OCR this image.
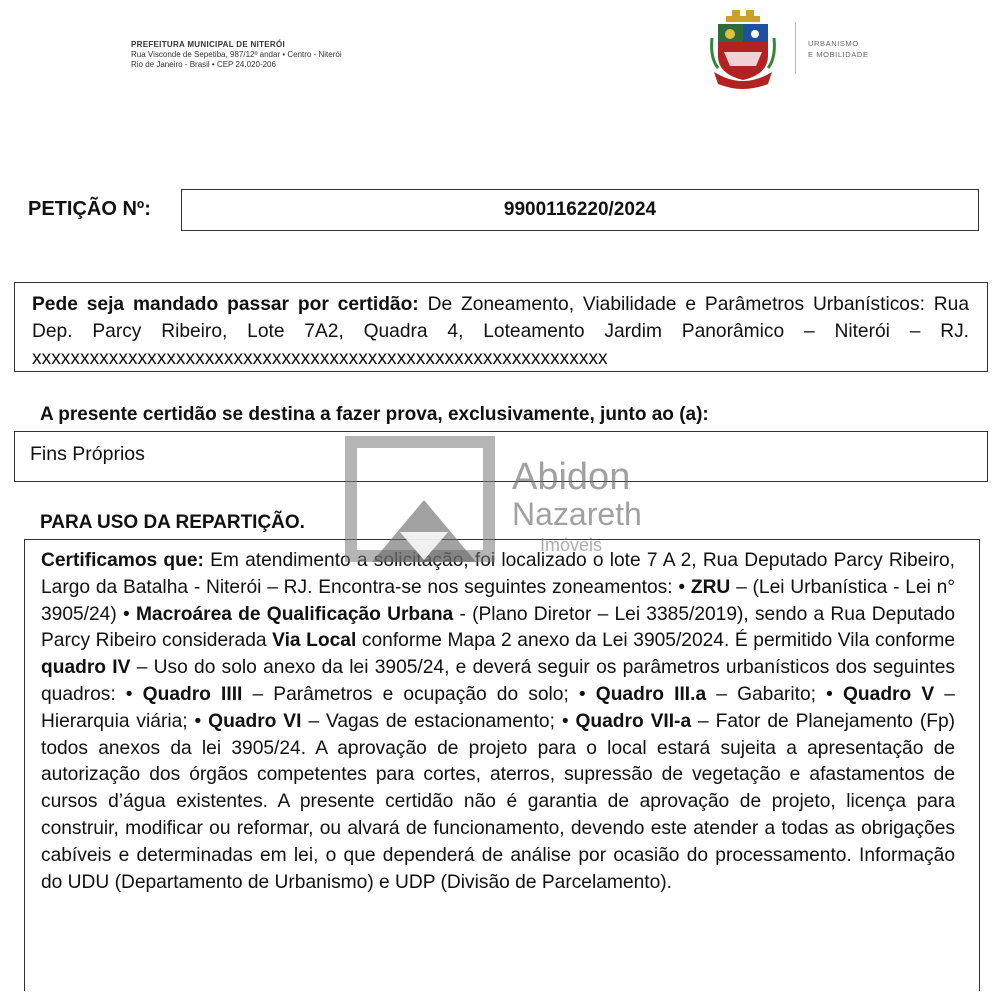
PREFEITURA MUNICIPAL DE NITERÓI
Rua Visconde de Sepetiba, 987/12º andar • Centro - Niterói
Rio de Janeiro - Brasil • CEP 24.020-206
URBANISMO
E MOBILIDADE
PETIÇÃO Nº:	9900116220/2024
Pede seja mandado passar por certidão: De Zoneamento, Viabilidade e Parâmetros Urbanísticos: Rua Dep. Parcy Ribeiro, Lote 7A2, Quadra 4, Loteamento Jardim Panorâmico – Niterói – RJ. xxxxxxxxxxxxxxxxxxxxxxxxxxxxxxxxxxxxxxxxxxxxxxxxxxxxxxxxxxxx
A presente certidão se destina a fazer prova, exclusivamente, junto ao (a):
Fins Próprios
PARA USO DA REPARTIÇÃO.
Certificamos que: Em atendimento a solicitação, foi localizado o lote 7 A 2, Rua Deputado Parcy Ribeiro, Largo da Batalha - Niterói – RJ. Encontra-se nos seguintes zoneamentos: • ZRU – (Lei Urbanística - Lei n° 3905/24) • Macroárea de Qualificação Urbana - (Plano Diretor – Lei 3385/2019), sendo a Rua Deputado Parcy Ribeiro considerada Via Local conforme Mapa 2 anexo da Lei 3905/2024. É permitido Vila conforme quadro IV – Uso do solo anexo da lei 3905/24, e deverá seguir os parâmetros urbanísticos dos seguintes quadros: • Quadro IIII – Parâmetros e ocupação do solo; • Quadro III.a – Gabarito; • Quadro V – Hierarquia viária; • Quadro VI – Vagas de estacionamento; • Quadro VII-a – Fator de Planejamento (Fp) todos anexos da lei 3905/24. A aprovação de projeto para o local estará sujeita a apresentação de autorização dos órgãos competentes para cortes, aterros, supressão de vegetação e afastamentos de cursos d’água existentes. A presente certidão não é garantia de aprovação de projeto, licença para construir, modificar ou reformar, ou alvará de funcionamento, devendo este atender a todas as obrigações cabíveis e determinadas em lei, o que dependerá de análise por ocasião do processamento. Informação do UDU (Departamento de Urbanismo) e UDP (Divisão de Parcelamento).
Abidon
Nazareth
Imóveis
